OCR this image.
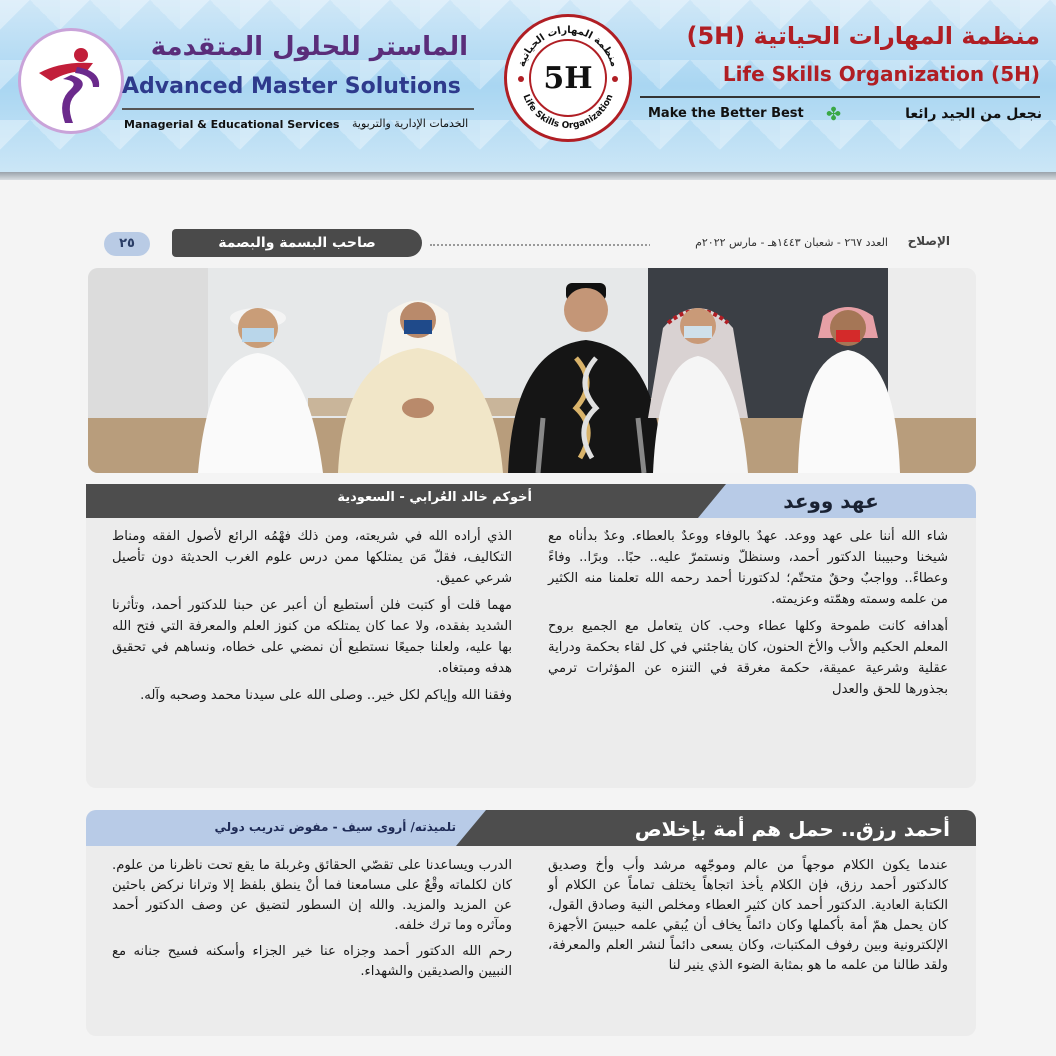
الماستر للحلول المتقدمة
Advanced Master Solutions
Managerial & Educational Services الخدمات الإدارية والتربوية
منظمة المهارات الحياتية
Life Skills Organization
5H
منظمة المهارات الحياتية (5H)
Life Skills Organization (5H)
Make the Better Best ✤	نجعل من الجيد رائعا
٢٥	صاحب البسمة والبصمة	العدد ٢٦٧ - شعبان ١٤٤٣هـ - مارس ٢٠٢٢م	الإصلاح
عهد ووعد
أخوكم خالد العُرابي - السعودية

شاء الله أننا على عهد ووعد. عهدٌ بالوفاء ووعدٌ بالعطاء. وعدٌ بدأناه مع شيخنا وحبيبنا الدكتور أحمد، وسنظلّ ونستمرّ عليه.. حبًا.. وبرًا.. وفاءً وعطاءً.. وواجبٌ وحقٌ متحتّم؛ لدكتورنا أحمد رحمه الله تعلمنا منه الكثير من علمه وسمته وهمّته وعزيمته.

أهدافه كانت طموحة وكلها عطاء وحب. كان يتعامل مع الجميع بروح المعلم الحكيم والأب والأخ الحنون، كان يفاجئني في كل لقاء بحكمة ودراية عقلية وشرعية عميقة، حكمة مغرقة في التنزه عن المؤثرات ترمي بجذورها للحق والعدل

الذي أراده الله في شريعته، ومن ذلك فهْمُه الرائع لأصول الفقه ومناط التكاليف، فقلّ مَن يمتلكها ممن درس علوم الغرب الحديثة دون تأصيل شرعي عميق.

مهما قلت أو كتبت فلن أستطيع أن أعبر عن حبنا للدكتور أحمد، وتأثرنا الشديد بفقده، ولا عما كان يمتلكه من كنوز العلم والمعرفة التي فتح الله بها عليه، ولعلنا جميعًا نستطيع أن نمضي على خطاه، ونساهم في تحقيق هدفه ومبتغاه.

وفقنا الله وإياكم لكل خير.. وصلى الله على سيدنا محمد وصحبه وآله.

أحمد رزق.. حمل هم أمة بإخلاص
تلميذته/ أروى سيف - مفوض تدريب دولي

عندما يكون الكلام موجهاً من عالم وموجّهه مرشد وأب وأخ وصديق كالدكتور أحمد رزق، فإن الكلام يأخذ اتجاهاً يختلف تماماً عن الكلام أو الكتابة العادية. الدكتور أحمد كان كثير العطاء ومخلص النية وصادق القول، كان يحمل همّ أمة بأكملها وكان دائماً يخاف أن يُبقي علمه حبيسَ الأجهزة الإلكترونية وبين رفوف المكتبات، وكان يسعى دائماً لنشر العلم والمعرفة، ولقد طالنا من علمه ما هو بمثابة الضوء الذي ينير لنا

الدرب ويساعدنا على تقصّي الحقائق وغربلة ما يقع تحت ناظرنا من علوم. كان لكلماته وقْعٌ على مسامعنا فما أنْ ينطق بلفظ إلا وترانا نركض باحثين عن المزيد والمزيد. والله إن السطور لتضيق عن وصف الدكتور أحمد ومآثره وما ترك خلفه.

رحم الله الدكتور أحمد وجزاه عنا خير الجزاء وأسكنه فسيح جنانه مع النبيين والصديقين والشهداء.
